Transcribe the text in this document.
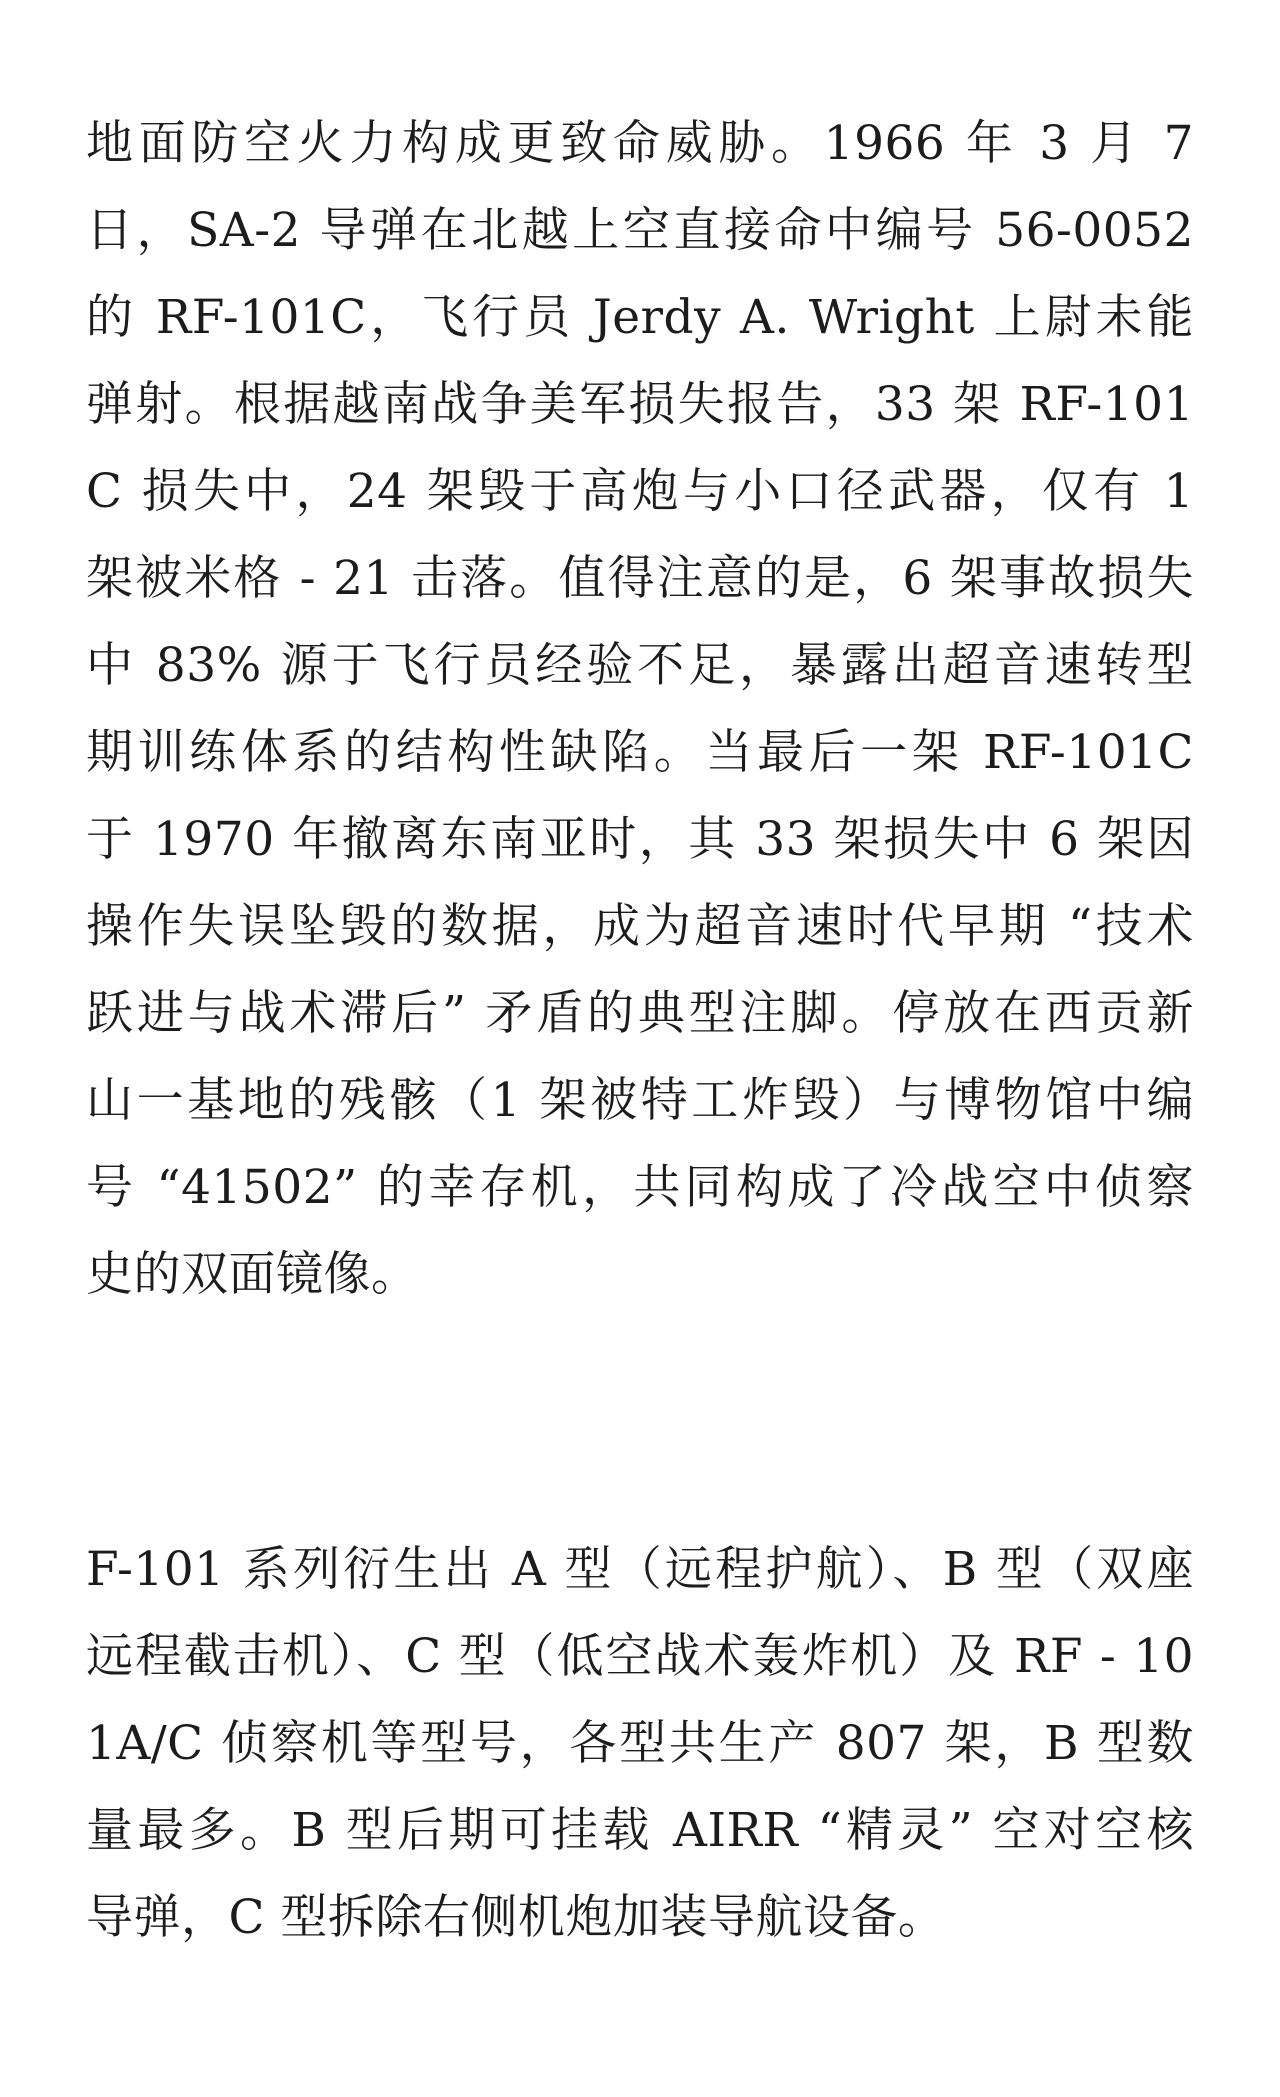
地面防空火力构成更致命威胁。1966 年 3 月 7
日，SA-2 导弹在北越上空直接命中编号 56-0052
的 RF-101C，飞行员 Jerdy A. Wright 上尉未能
弹射。根据越南战争美军损失报告，33 架 RF-101
C 损失中，24 架毁于高炮与小口径武器，仅有 1
架被米格 - 21 击落。值得注意的是，6 架事故损失
中 83% 源于飞行员经验不足，暴露出超音速转型
期训练体系的结构性缺陷。当最后一架 RF-101C
于 1970 年撤离东南亚时，其 33 架损失中 6 架因
操作失误坠毁的数据，成为超音速时代早期 “技术
跃进与战术滞后” 矛盾的典型注脚。停放在西贡新
山一基地的残骸（1 架被特工炸毁）与博物馆中编
号 “41502” 的幸存机，共同构成了冷战空中侦察
史的双面镜像。
F-101 系列衍生出 A 型（远程护航）、B 型（双座
远程截击机）、C 型（低空战术轰炸机）及 RF - 10
1A/C 侦察机等型号，各型共生产 807 架，B 型数
量最多。B 型后期可挂载 AIRR “精灵” 空对空核
导弹，C 型拆除右侧机炮加装导航设备。
